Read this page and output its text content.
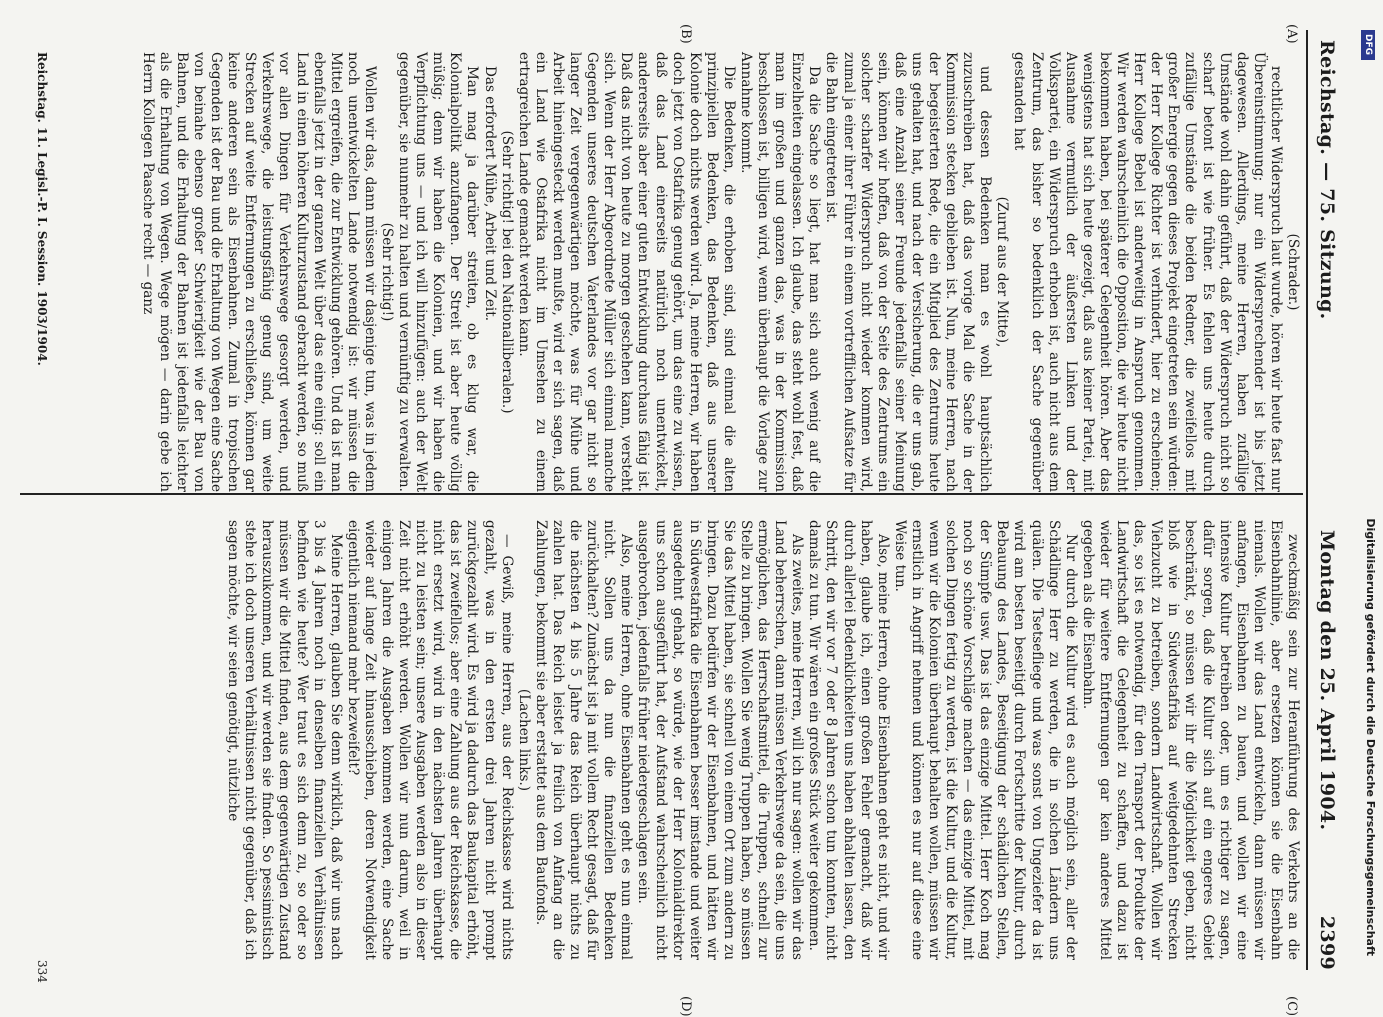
Reichstag. — 75. Sitzung.
Montag den 25. April 1904.
2399
(A)
(B)
(C)
(D)

(Schrader.)

rechtlicher Widerspruch laut wurde, hören wir heute fast nur Übereinstimmung; nur ein Widersprechender ist bis jetzt dagewesen. Allerdings, meine Herren, haben zufällige Umstände wohl dahin geführt, daß der Widerspruch nicht so scharf betont ist wie früher. Es fehlen uns heute durch zufällige Umstände die beiden Redner, die zweifellos mit großer Energie gegen dieses Projekt eingetreten sein würden: der Herr Kollege Richter ist verhindert, hier zu erscheinen; Herr Kollege Bebel ist anderweitig in Anspruch genommen. Wir werden wahrscheinlich die Opposition, die wir heute nicht bekommen haben, bei späterer Gelegenheit hören. Aber das wenigstens hat sich heute gezeigt, daß aus keiner Partei, mit Ausnahme vermutlich der äußersten Linken und der Volkspartei, ein Widerspruch erhoben ist, auch nicht aus dem Zentrum, das bisher so bedenklich der Sache gegenüber gestanden hat

(Zuruf aus der Mitte),

und dessen Bedenken man es wohl hauptsächlich zuzuschreiben hat, daß das vorige Mal die Sache in der Kommission stecken geblieben ist. Nun, meine Herren, nach der begeisterten Rede, die ein Mitglied des Zentrums heute uns gehalten hat, und nach der Versicherung, die er uns gab, daß eine Anzahl seiner Freunde jedenfalls seiner Meinung sein, können wir hoffen, daß von der Seite des Zentrums ein solcher scharfer Widerspruch nicht wieder kommen wird, zumal ja einer ihrer Führer in einem vortrefflichen Aufsatze für die Bahn eingetreten ist.

Da die Sache so liegt, hat man sich auch wenig auf die Einzelheiten eingelassen. Ich glaube, das steht wohl fest, daß man im großen und ganzen das, was in der Kommission beschlossen ist, billigen wird, wenn überhaupt die Vorlage zur Annahme kommt.

Die Bedenken, die erhoben sind, sind einmal die alten prinzipiellen Bedenken, das Bedenken, daß aus unserer Kolonie doch nichts werden wird. Ja, meine Herren, wir haben doch jetzt von Ostafrika genug gehört, um das eine zu wissen, daß das Land einerseits natürlich noch unentwickelt, andererseits aber einer guten Entwicklung durchaus fähig ist. Daß das nicht von heute zu morgen geschehen kann, versteht sich. Wenn der Herr Abgeordnete Müller sich einmal manche Gegenden unseres deutschen Vaterlandes vor gar nicht so langer Zeit vergegenwärtigen möchte, was für Mühe und Arbeit hineingesteckt werden mußte, wird er sich sagen, daß ein Land wie Ostafrika nicht im Umsehen zu einem ertragreichen Lande gemacht werden kann.

(Sehr richtig! bei den Nationalliberalen.)

Das erfordert Mühe, Arbeit und Zeit.

Man mag ja darüber streiten, ob es klug war, die Kolonialpolitik anzufangen. Der Streit ist aber heute völlig müßig; denn wir haben die Kolonien, und wir haben die Verpflichtung uns — und ich will hinzufügen: auch der Welt gegenüber, sie nunmehr zu halten und vernünftig zu verwalten.

(Sehr richtig!)

Wollen wir das, dann müssen wir dasjenige tun, was in jedem noch unentwickelten Lande notwendig ist: wir müssen die Mittel ergreifen, die zur Entwicklung gehören. Und da ist man ebenfalls jetzt in der ganzen Welt über das eine einig: soll ein Land in einen höheren Kulturzustand gebracht werden, so muß vor allen Dingen für Verkehrswege gesorgt werden, und Verkehrswege, die leistungsfähig genug sind, um weite Strecken auf weite Entfernungen zu erschließen, können gar keine anderen sein als Eisenbahnen. Zumal in tropischen Gegenden ist der Bau und die Erhaltung von Wegen eine Sache von beinahe ebenso großer Schwierigkeit wie der Bau von Bahnen, und die Erhaltung der Bahnen ist jedenfalls leichter als die Erhaltung von Wegen. Wege mögen — darin gebe ich Herrn Kollegen Paasche recht — ganz

zweckmäßig sein zur Heranführung des Verkehrs an die Eisenbahnlinie, aber ersetzen können sie die Eisenbahn niemals. Wollen wir das Land entwickeln, dann müssen wir anfangen, Eisenbahnen zu bauen, und wollen wir eine intensive Kultur betreiben oder, um es richtiger zu sagen, dafür sorgen, daß die Kultur sich auf ein engeres Gebiet beschränkt, so müssen wir ihr die Möglichkeit geben, nicht bloß wie in Südwestafrika auf weitgedehnten Strecken Viehzucht zu betreiben, sondern Landwirtschaft. Wollen wir das, so ist es notwendig, für den Transport der Produkte der Landwirtschaft die Gelegenheit zu schaffen, und dazu ist wieder für weitere Entfernungen gar kein anderes Mittel gegeben als die Eisenbahn.

Nur durch die Kultur wird es auch möglich sein, aller der Schädlinge Herr zu werden, die in solchen Ländern uns quälen. Die Tsetsefliege und was sonst von Ungeziefer da ist wird am besten beseitigt durch Fortschritte der Kultur, durch Bebauung des Landes, Beseitigung der schädlichen Stellen, der Sümpfe usw. Das ist das einzige Mittel. Herr Koch mag noch so schöne Vorschläge machen — das einzige Mittel, mit solchen Dingen fertig zu werden, ist die Kultur, und die Kultur, wenn wir die Kolonien überhaupt behalten wollen, müssen wir ernstlich in Angriff nehmen und können es nur auf diese eine Weise tun.

Also, meine Herren, ohne Eisenbahnen geht es nicht, und wir haben, glaube ich, einen großen Fehler gemacht, daß wir durch allerlei Bedenklichkeiten uns haben abhalten lassen, den Schritt, den wir vor 7 oder 8 Jahren schon tun konnten, nicht damals zu tun. Wir wären ein großes Stück weiter gekommen.

Als zweites, meine Herren, will ich nur sagen: wollen wir das Land beherrschen, dann müssen Verkehrswege da sein, die uns ermöglichen, das Herrschaftsmittel, die Truppen, schnell zur Stelle zu bringen. Wollen Sie wenig Truppen haben, so müssen Sie das Mittel haben, sie schnell von einem Ort zum andern zu bringen. Dazu bedürfen wir der Eisenbahnen, und hätten wir in Südwestafrika die Eisenbahnen besser imstande und weiter ausgedehnt gehabt, so würde, wie der Herr Kolonialdirektor uns schon ausgeführt hat, der Aufstand wahrscheinlich nicht ausgebrochen, jedenfalls früher niedergeschlagen sein.

Also, meine Herren, ohne Eisenbahnen geht es nun einmal nicht. Sollen uns da nun die finanziellen Bedenken zurückhalten? Zunächst ist ja mit vollem Recht gesagt, daß für die nächsten 4 bis 5 Jahre das Reich überhaupt nichts zu zahlen hat. Das Reich leistet ja freilich von Anfang an die Zahlungen, bekommt sie aber erstattet aus dem Baufonds.

(Lachen links.)

— Gewiß, meine Herren, aus der Reichskasse wird nichts gezahlt, was in den ersten drei Jahren nicht prompt zurückgezahlt wird. Es wird ja dadurch das Baukapital erhöht, das ist zweifellos; aber eine Zahlung aus der Reichskasse, die nicht ersetzt wird, wird in den nächsten Jahren überhaupt nicht zu leisten sein; unsere Ausgaben werden also in dieser Zeit nicht erhöht werden. Wollen wir nun darum, weil in einigen Jahren die Ausgaben kommen werden, eine Sache wieder auf lange Zeit hinausschieben, deren Notwendigkeit eigentlich niemand mehr bezweifelt?

Meine Herren, glauben Sie denn wirklich, daß wir uns nach 3 bis 4 Jahren noch in denselben finanziellen Verhältnissen befinden wie heute? Wer traut es sich denn zu, so oder so müssen wir die Mittel finden, aus dem gegenwärtigen Zustand herauszukommen, und wir werden sie finden. So pessimistisch stehe ich doch unseren Verhältnissen nicht gegenüber, daß ich sagen möchte, wir seien genötigt, nützliche

Reichstag. 11. Legisl.-P. I. Session. 1903/1904.
334
Digitalisierung gefördert durch die Deutsche Forschungsgemeinschaft
DFG
